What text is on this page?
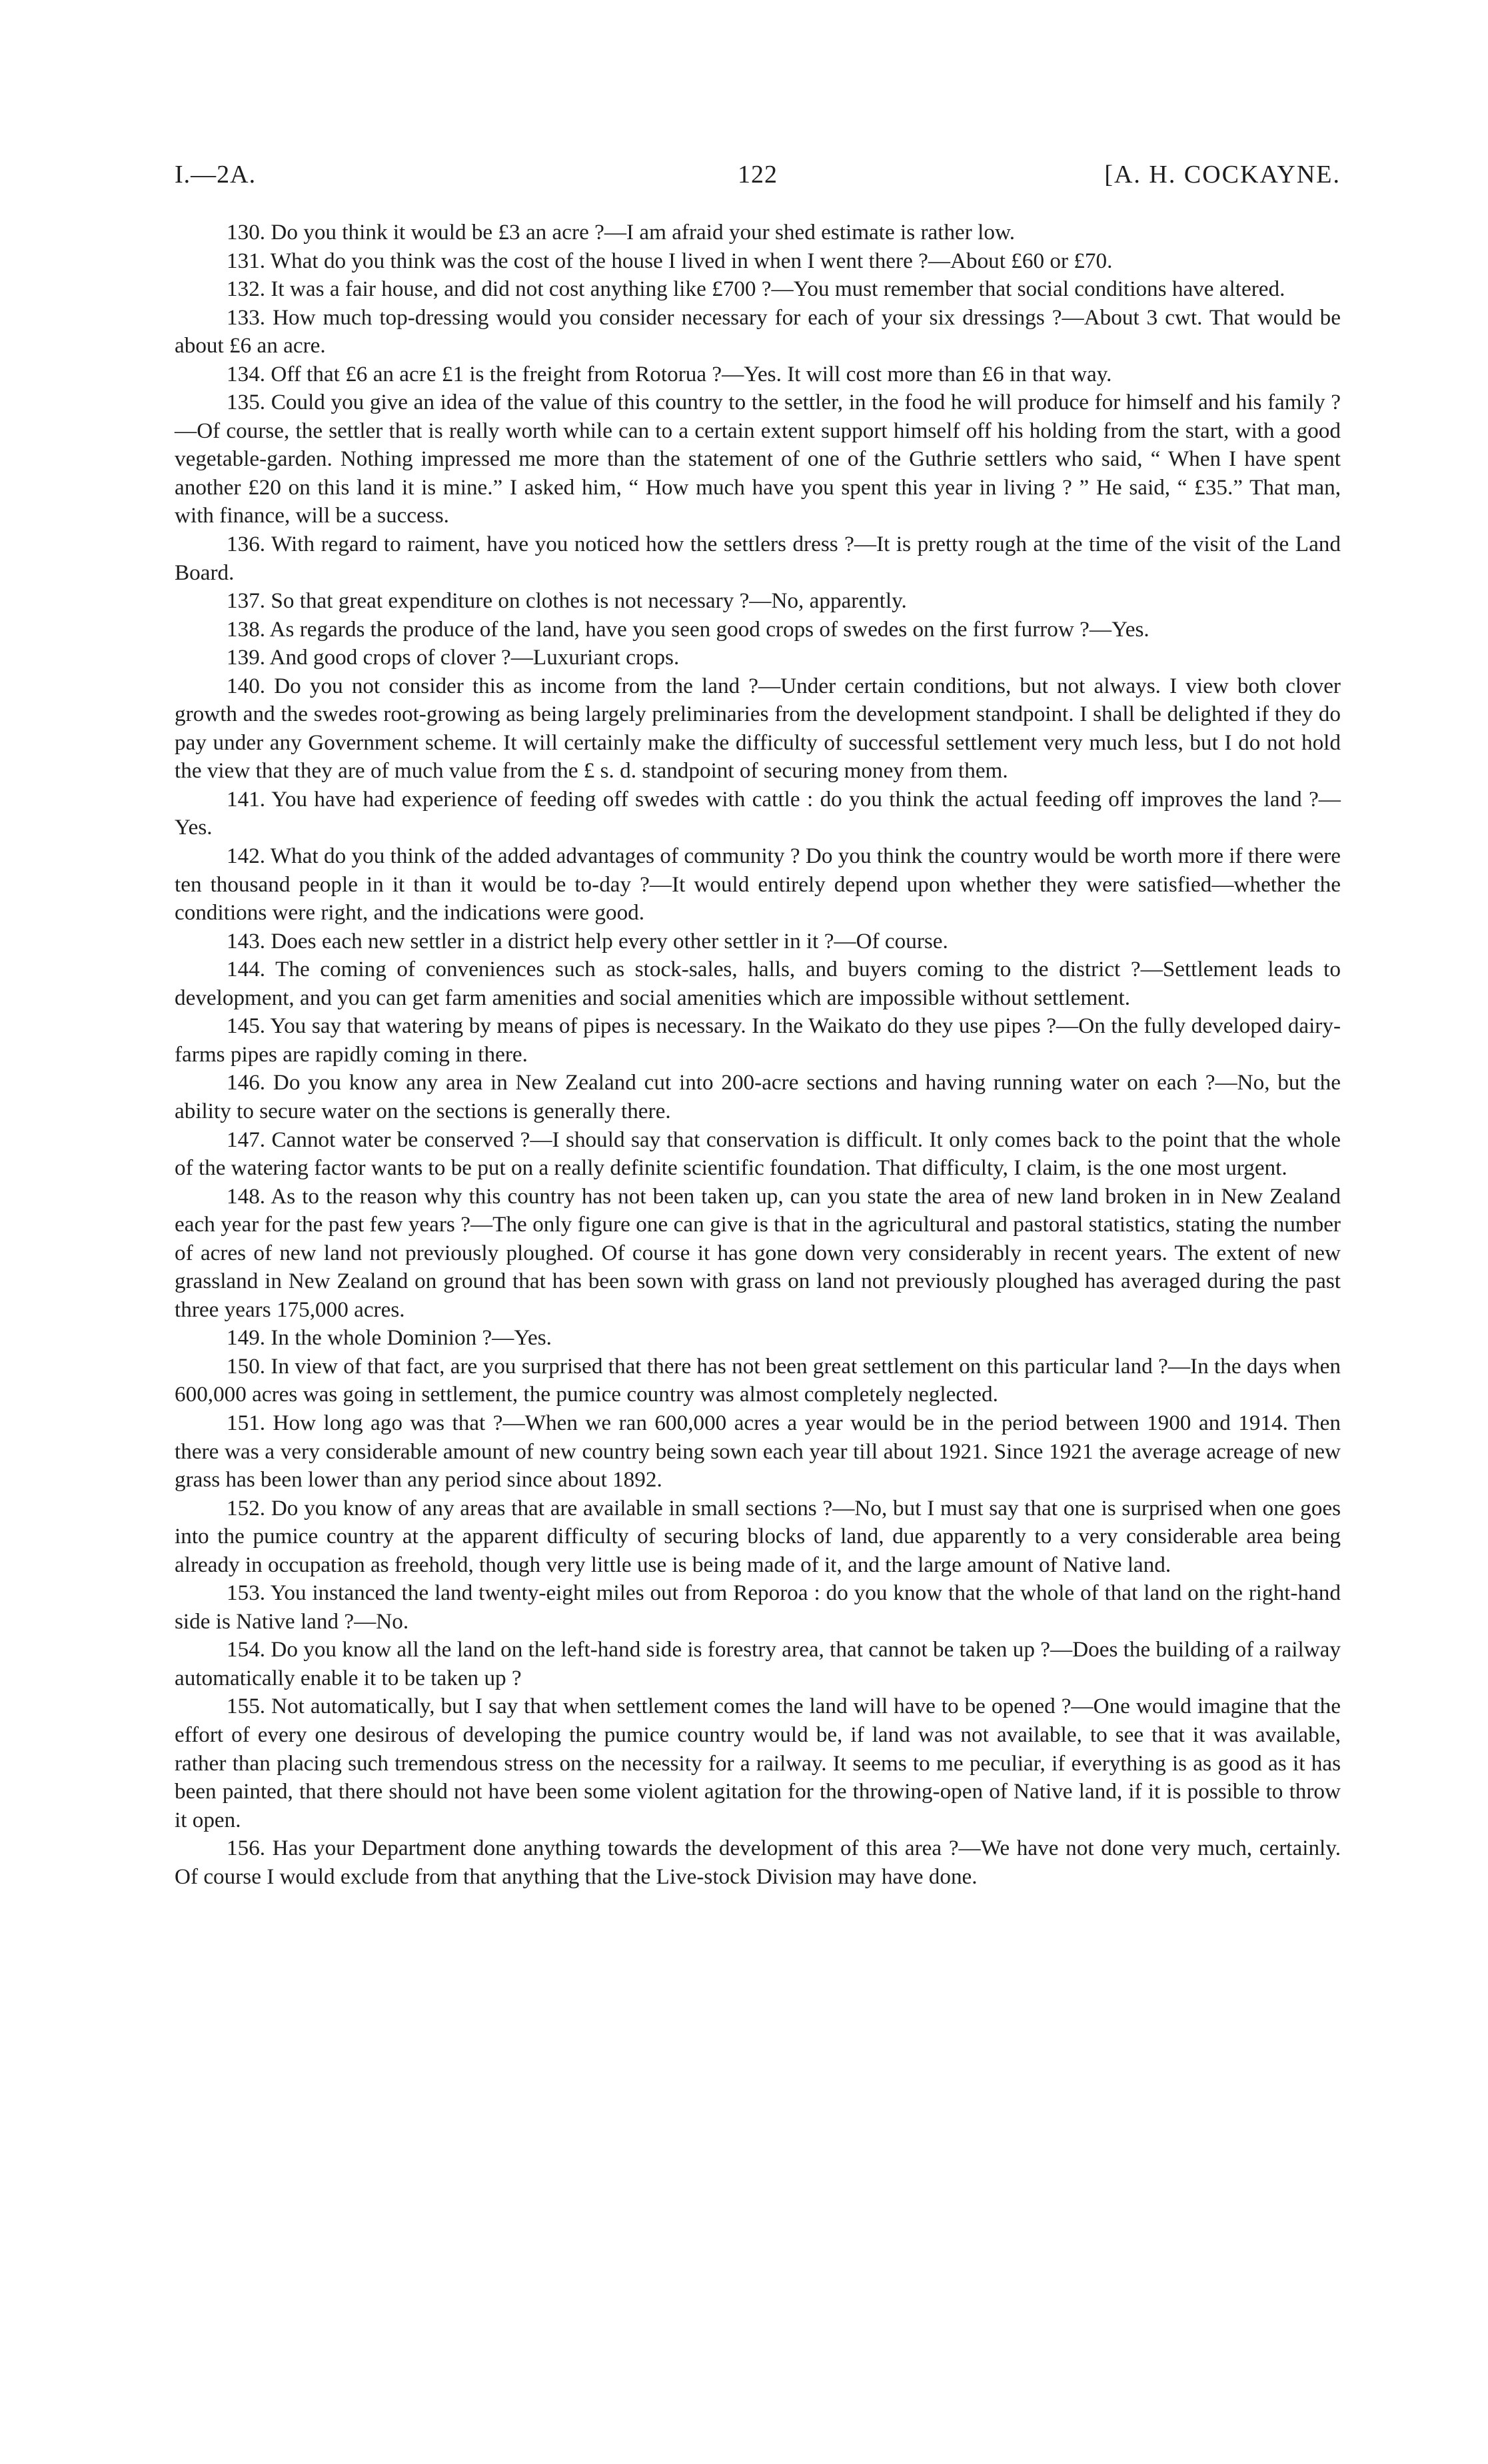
I.—2A.	122	[A. H. COCKAYNE.

130. Do you think it would be £3 an acre ?—I am afraid your shed estimate is rather low.

131. What do you think was the cost of the house I lived in when I went there ?—About £60 or £70.

132. It was a fair house, and did not cost anything like £700 ?—You must remember that social conditions have altered.

133. How much top-dressing would you consider necessary for each of your six dressings ?—About 3 cwt. That would be about £6 an acre.

134. Off that £6 an acre £1 is the freight from Rotorua ?—Yes. It will cost more than £6 in that way.

135. Could you give an idea of the value of this country to the settler, in the food he will produce for himself and his family ?—Of course, the settler that is really worth while can to a certain extent support himself off his holding from the start, with a good vegetable-garden. Nothing impressed me more than the statement of one of the Guthrie settlers who said, “ When I have spent another £20 on this land it is mine.” I asked him, “ How much have you spent this year in living ? ” He said, “ £35.” That man, with finance, will be a success.

136. With regard to raiment, have you noticed how the settlers dress ?—It is pretty rough at the time of the visit of the Land Board.

137. So that great expenditure on clothes is not necessary ?—No, apparently.

138. As regards the produce of the land, have you seen good crops of swedes on the first furrow ?—Yes.

139. And good crops of clover ?—Luxuriant crops.

140. Do you not consider this as income from the land ?—Under certain conditions, but not always. I view both clover growth and the swedes root-growing as being largely preliminaries from the development standpoint. I shall be delighted if they do pay under any Government scheme. It will certainly make the difficulty of successful settlement very much less, but I do not hold the view that they are of much value from the £ s. d. standpoint of securing money from them.

141. You have had experience of feeding off swedes with cattle : do you think the actual feeding off improves the land ?—Yes.

142. What do you think of the added advantages of community ? Do you think the country would be worth more if there were ten thousand people in it than it would be to-day ?—It would entirely depend upon whether they were satisfied—whether the conditions were right, and the indications were good.

143. Does each new settler in a district help every other settler in it ?—Of course.

144. The coming of conveniences such as stock-sales, halls, and buyers coming to the district ?—Settlement leads to development, and you can get farm amenities and social amenities which are impossible without settlement.

145. You say that watering by means of pipes is necessary. In the Waikato do they use pipes ?—On the fully developed dairy-farms pipes are rapidly coming in there.

146. Do you know any area in New Zealand cut into 200-acre sections and having running water on each ?—No, but the ability to secure water on the sections is generally there.

147. Cannot water be conserved ?—I should say that conservation is difficult. It only comes back to the point that the whole of the watering factor wants to be put on a really definite scientific foundation. That difficulty, I claim, is the one most urgent.

148. As to the reason why this country has not been taken up, can you state the area of new land broken in in New Zealand each year for the past few years ?—The only figure one can give is that in the agricultural and pastoral statistics, stating the number of acres of new land not previously ploughed. Of course it has gone down very considerably in recent years. The extent of new grassland in New Zealand on ground that has been sown with grass on land not previously ploughed has averaged during the past three years 175,000 acres.

149. In the whole Dominion ?—Yes.

150. In view of that fact, are you surprised that there has not been great settlement on this particular land ?—In the days when 600,000 acres was going in settlement, the pumice country was almost completely neglected.

151. How long ago was that ?—When we ran 600,000 acres a year would be in the period between 1900 and 1914. Then there was a very considerable amount of new country being sown each year till about 1921. Since 1921 the average acreage of new grass has been lower than any period since about 1892.

152. Do you know of any areas that are available in small sections ?—No, but I must say that one is surprised when one goes into the pumice country at the apparent difficulty of securing blocks of land, due apparently to a very considerable area being already in occupation as freehold, though very little use is being made of it, and the large amount of Native land.

153. You instanced the land twenty-eight miles out from Reporoa : do you know that the whole of that land on the right-hand side is Native land ?—No.

154. Do you know all the land on the left-hand side is forestry area, that cannot be taken up ?—Does the building of a railway automatically enable it to be taken up ?

155. Not automatically, but I say that when settlement comes the land will have to be opened ?—One would imagine that the effort of every one desirous of developing the pumice country would be, if land was not available, to see that it was available, rather than placing such tremendous stress on the necessity for a railway. It seems to me peculiar, if everything is as good as it has been painted, that there should not have been some violent agitation for the throwing-open of Native land, if it is possible to throw it open.

156. Has your Department done anything towards the development of this area ?—We have not done very much, certainly. Of course I would exclude from that anything that the Live-stock Division may have done.
